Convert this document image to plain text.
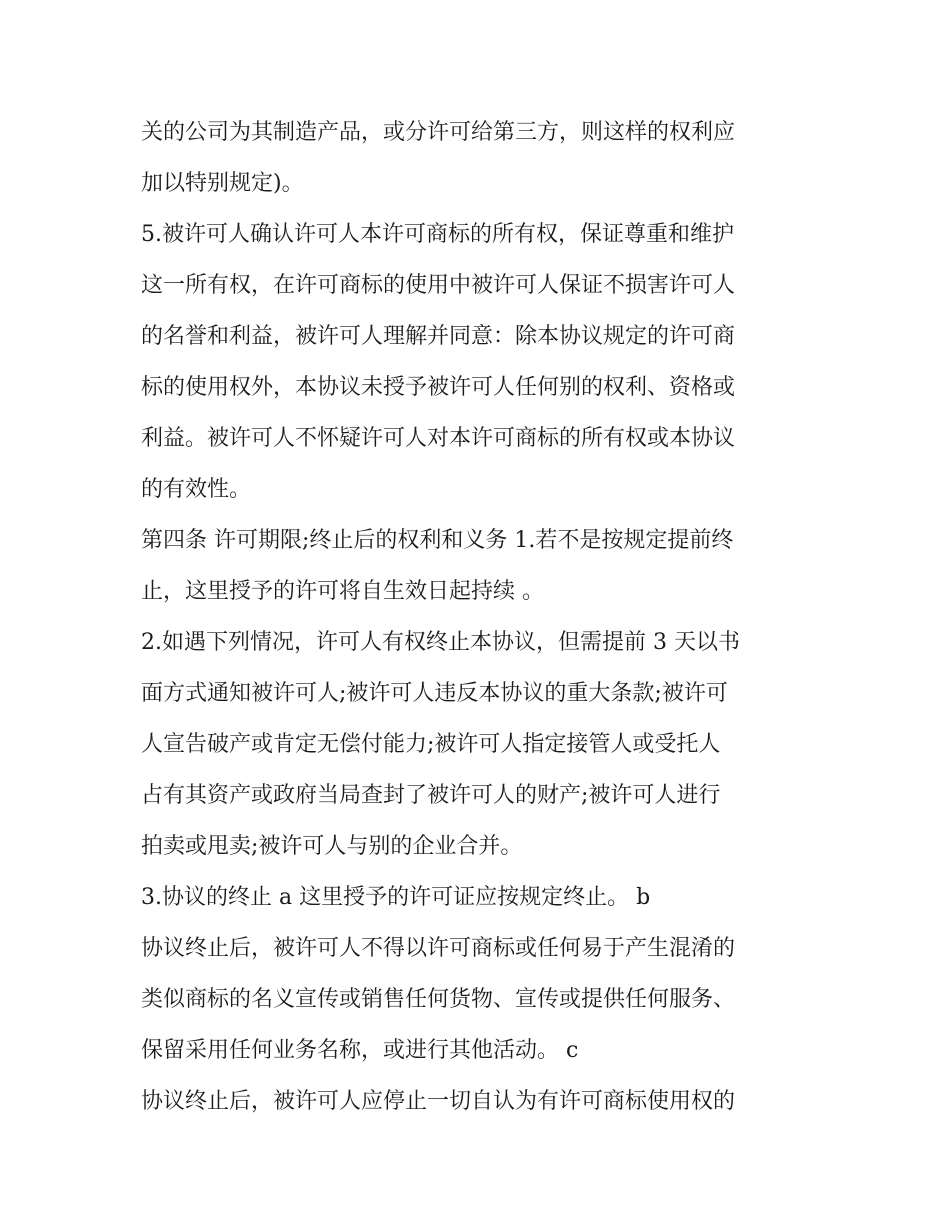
关的公司为其制造产品，或分许可给第三方，则这样的权利应
加以特别规定)。
5.被许可人确认许可人本许可商标的所有权，保证尊重和维护
这一所有权，在许可商标的使用中被许可人保证不损害许可人
的名誉和利益，被许可人理解并同意：除本协议规定的许可商
标的使用权外，本协议未授予被许可人任何别的权利、资格或
利益。被许可人不怀疑许可人对本许可商标的所有权或本协议
的有效性。
第四条 许可期限;终止后的权利和义务 1.若不是按规定提前终
止，这里授予的许可将自生效日起持续 。
2.如遇下列情况，许可人有权终止本协议，但需提前 3 天以书
面方式通知被许可人;被许可人违反本协议的重大条款;被许可
人宣告破产或肯定无偿付能力;被许可人指定接管人或受托人
占有其资产或政府当局查封了被许可人的财产;被许可人进行
拍卖或甩卖;被许可人与别的企业合并。
3.协议的终止 a 这里授予的许可证应按规定终止。 b
协议终止后，被许可人不得以许可商标或任何易于产生混淆的
类似商标的名义宣传或销售任何货物、宣传或提供任何服务、
保留采用任何业务名称，或进行其他活动。 c
协议终止后，被许可人应停止一切自认为有许可商标使用权的
